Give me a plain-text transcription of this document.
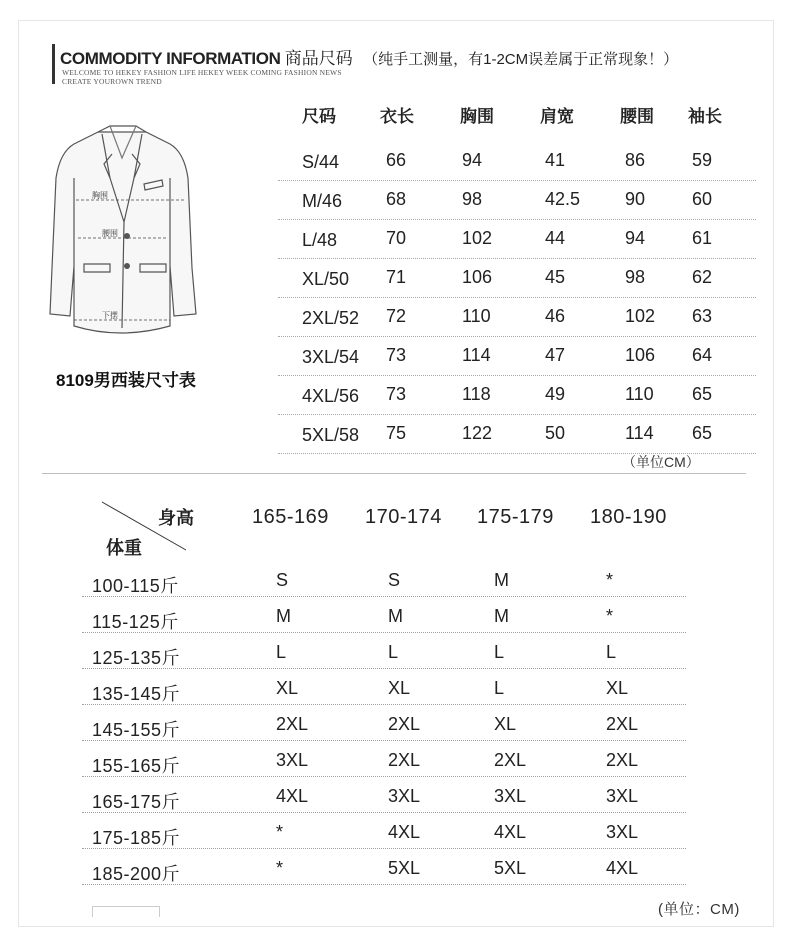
COMMODITY INFORMATION 商品尺码 （纯手工测量，有1-2CM误差属于正常现象！）
WELCOME TO HEKEY FASHION LIFE HEKEY WEEK COMING FASHION NEWS
CREATE YOUROWN TREND
胸围
腰围
下摆
8109男西装尺寸表
尺码	衣长	胸围	肩宽	腰围 袖长
S/44	66	94	41	86	59
M/46 68	98	42.5 90	60
L/48	70	102	44	94	61
XL/50 71	106	45	98	62
2XL/52 72	110	46	102 63
3XL/54 73	114	47	106 64
4XL/56 73	118	49	110 65
5XL/58 75	122	50	114 65
（单位CM）
身高
体重
165-169 170-174 175-179 180-190
100-115斤	S	S	M	*
115-125斤	M	M	M	*
125-135斤	L	L	L	L
135-145斤	XL	XL	L	XL
145-155斤	2XL	2XL	XL	2XL
155-165斤	3XL	2XL	2XL	2XL
165-175斤	4XL	3XL	3XL	3XL
175-185斤	*	4XL	4XL	3XL
185-200斤	*	5XL	5XL	4XL
(单位：CM)
